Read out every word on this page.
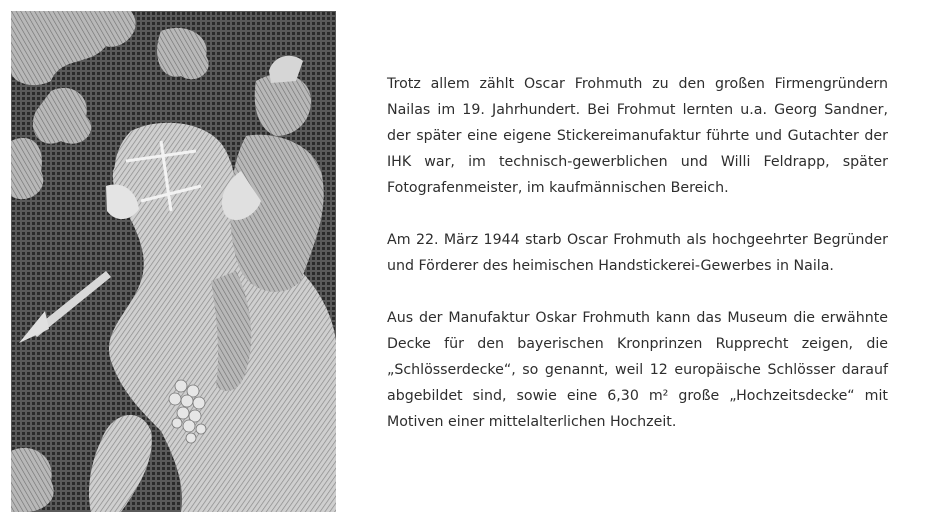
Trotz allem zählt Oscar Frohmuth zu den großen Firmengründern Nailas im 19. Jahrhundert. Bei Frohmut lernten u.a. Georg Sandner, der später eine eigene Stickereimanufaktur führte und Gutachter der IHK war, im technisch-gewerblichen und Willi Feldrapp, später Fotografenmeister, im kaufmännischen Bereich.

Am 22. März 1944 starb Oscar Frohmuth als hochgeehrter Begründer und Förderer des heimischen Handstickerei-Gewerbes in Naila.

Aus der Manufaktur Oskar Frohmuth kann das Museum die erwähnte Decke für den bayerischen Kronprinzen Rupprecht zeigen, die „Schlösserdecke“, so genannt, weil 12 europäische Schlösser darauf abgebildet sind, sowie eine 6,30 m² große „Hochzeitsdecke“ mit Motiven einer mittelalterlichen Hochzeit.
